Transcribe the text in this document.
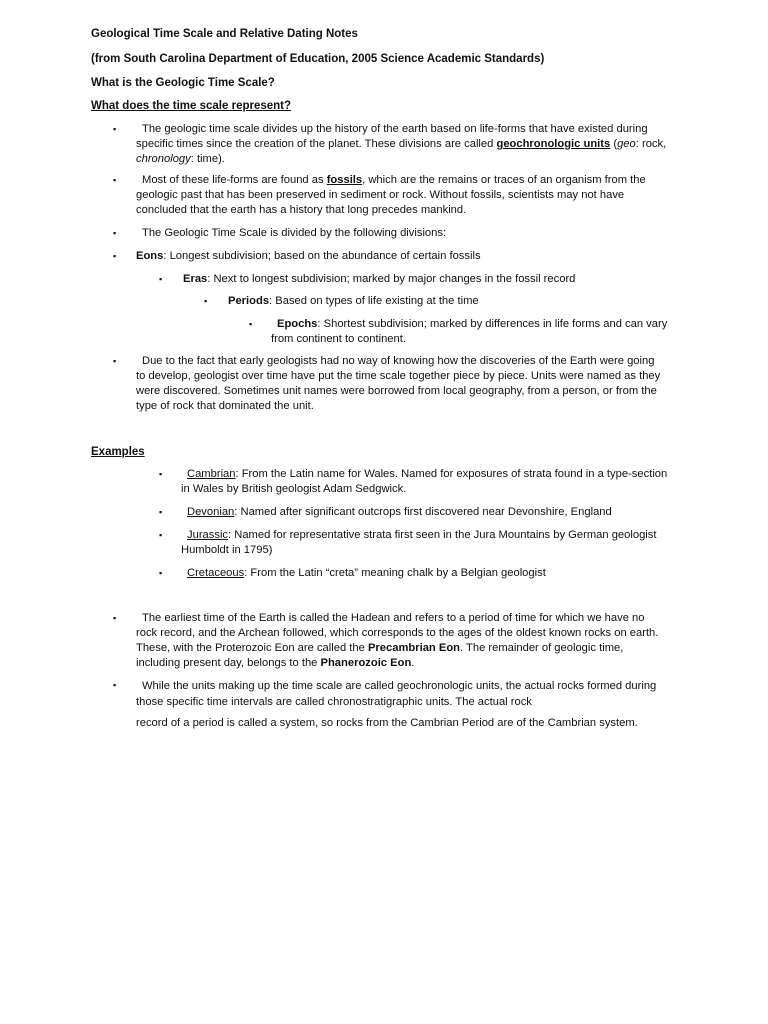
Geological Time Scale and Relative Dating Notes
(from South Carolina Department of Education, 2005 Science Academic Standards)
What is the Geologic Time Scale?
What does the time scale represent?
▪	The geologic time scale divides up the history of the earth based on life-forms that have existed during specific times since the creation of the planet. These divisions are called geochronologic units (geo: rock, chronology: time).
▪	Most of these life-forms are found as fossils, which are the remains or traces of an organism from the geologic past that has been preserved in sediment or rock. Without fossils, scientists may not have concluded that the earth has a history that long precedes mankind.
▪ The Geologic Time Scale is divided by the following divisions:
▪ Eons: Longest subdivision; based on the abundance of certain fossils
▪ Eras: Next to longest subdivision; marked by major changes in the fossil record
▪ Periods: Based on types of life existing at the time
▪	Epochs: Shortest subdivision; marked by differences in life forms and can vary from continent to continent.
▪	Due to the fact that early geologists had no way of knowing how the discoveries of the Earth were going to develop, geologist over time have put the time scale together piece by piece. Units were named as they were discovered. Sometimes unit names were borrowed from local geography, from a person, or from the type of rock that dominated the unit.
Examples
▪	Cambrian: From the Latin name for Wales. Named for exposures of strata found in a type-section in Wales by British geologist Adam Sedgwick.
▪ Devonian: Named after significant outcrops first discovered near Devonshire, England
▪	Jurassic: Named for representative strata first seen in the Jura Mountains by German geologist Humboldt in 1795)
▪ Cretaceous: From the Latin “creta” meaning chalk by a Belgian geologist
▪	The earliest time of the Earth is called the Hadean and refers to a period of time for which we have no rock record, and the Archean followed, which corresponds to the ages of the oldest known rocks on earth. These, with the Proterozoic Eon are called the Precambrian Eon. The remainder of geologic time, including present day, belongs to the Phanerozoic Eon.
▪	While the units making up the time scale are called geochronologic units, the actual rocks formed during those specific time intervals are called chronostratigraphic units. The actual rock
record of a period is called a system, so rocks from the Cambrian Period are of the Cambrian system.
